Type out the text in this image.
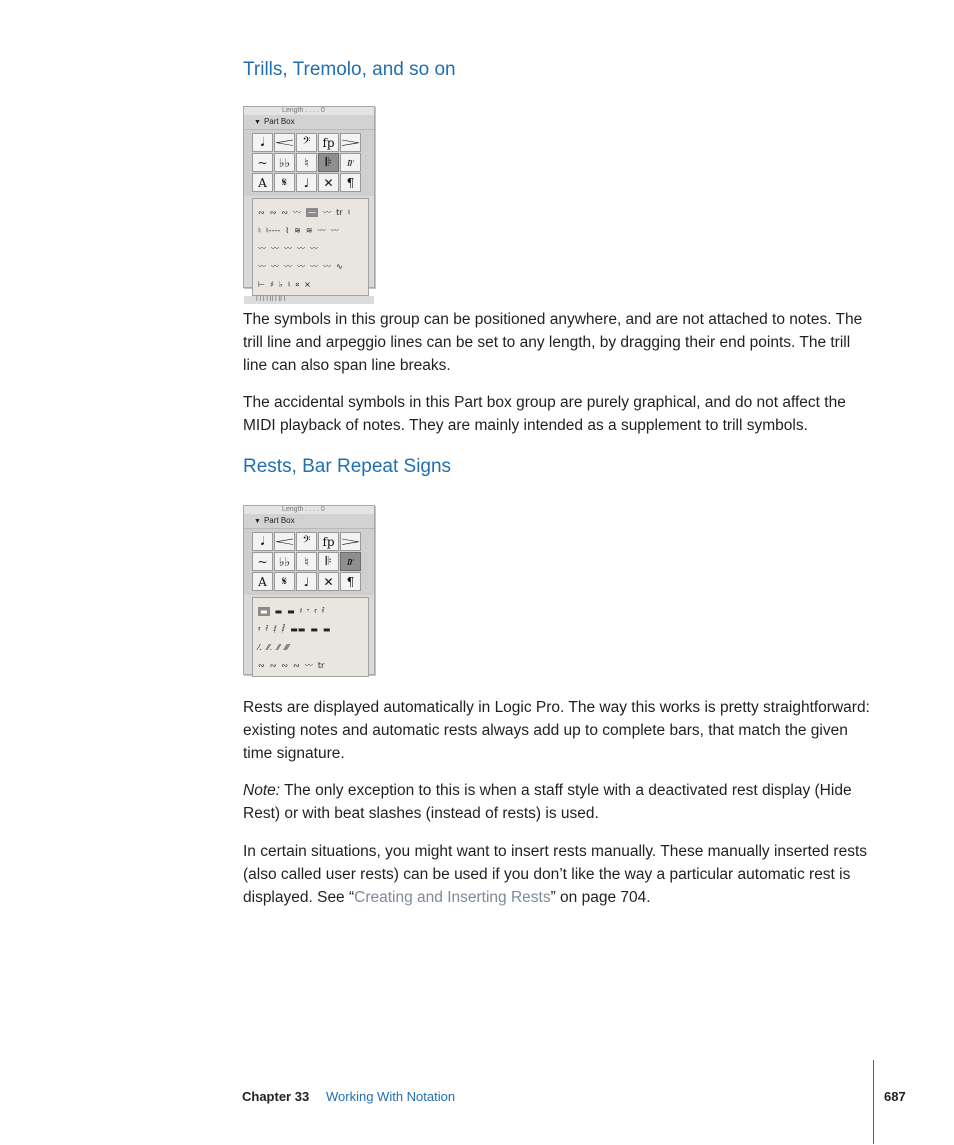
Trills, Tremolo, and so on
Length . . . . 0
▼ Part Box
𝅘𝅥 𝆒 𝄢	fp 𝆓
~ ♭♭	♮	𝄆	𝆖
A	𝄋	♩	✕	¶
∾ ∾ ∾ 〰 ⁓ 〰 tr ♮
♮ ♮---- ⌇ ≋ ≋ 〰 〰
〰 〰 〰 〰 〰
〰 〰 〰 〰 〰 〰 ∿
⊢ ♯ ♭ ♮ 𝄪 ×
ꟾ ꟾ ꟾ ꟾ ꟾꟾ ꟾ ꟾꟾ ꟾ

The symbols in this group can be positioned anywhere, and are not attached to notes. The trill line and arpeggio lines can be set to any length, by dragging their end points. The trill line can also span line breaks.

The accidental symbols in this Part box group are purely graphical, and do not affect the MIDI playback of notes. They are mainly intended as a supplement to trill symbols.

Rests, Bar Repeat Signs
Length . . . . 0
▼ Part Box
𝅘𝅥 𝆒 𝄢	fp 𝆓
~ ♭♭	♮	𝄆	𝆖
A	𝄋	♩	✕	¶
▬ ▬ ▬ 𝄽 𝄾 𝄿 𝅀
𝄿 𝅀 𝅁 𝅂 ▬▬ ▬ ▬
⁄. ⁄⁄. ⁄⁄ ⁄⁄⁄
∾ ∾ ∾ ∾ 〰 tr

Rests are displayed automatically in Logic Pro. The way this works is pretty straightforward: existing notes and automatic rests always add up to complete bars, that match the given time signature.

Note: The only exception to this is when a staff style with a deactivated rest display (Hide Rest) or with beat slashes (instead of rests) is used.

In certain situations, you might want to insert rests manually. These manually inserted rests (also called user rests) can be used if you don’t like the way a particular automatic rest is displayed. See “Creating and Inserting Rests” on page 704.

Chapter 33 Working With Notation	687
